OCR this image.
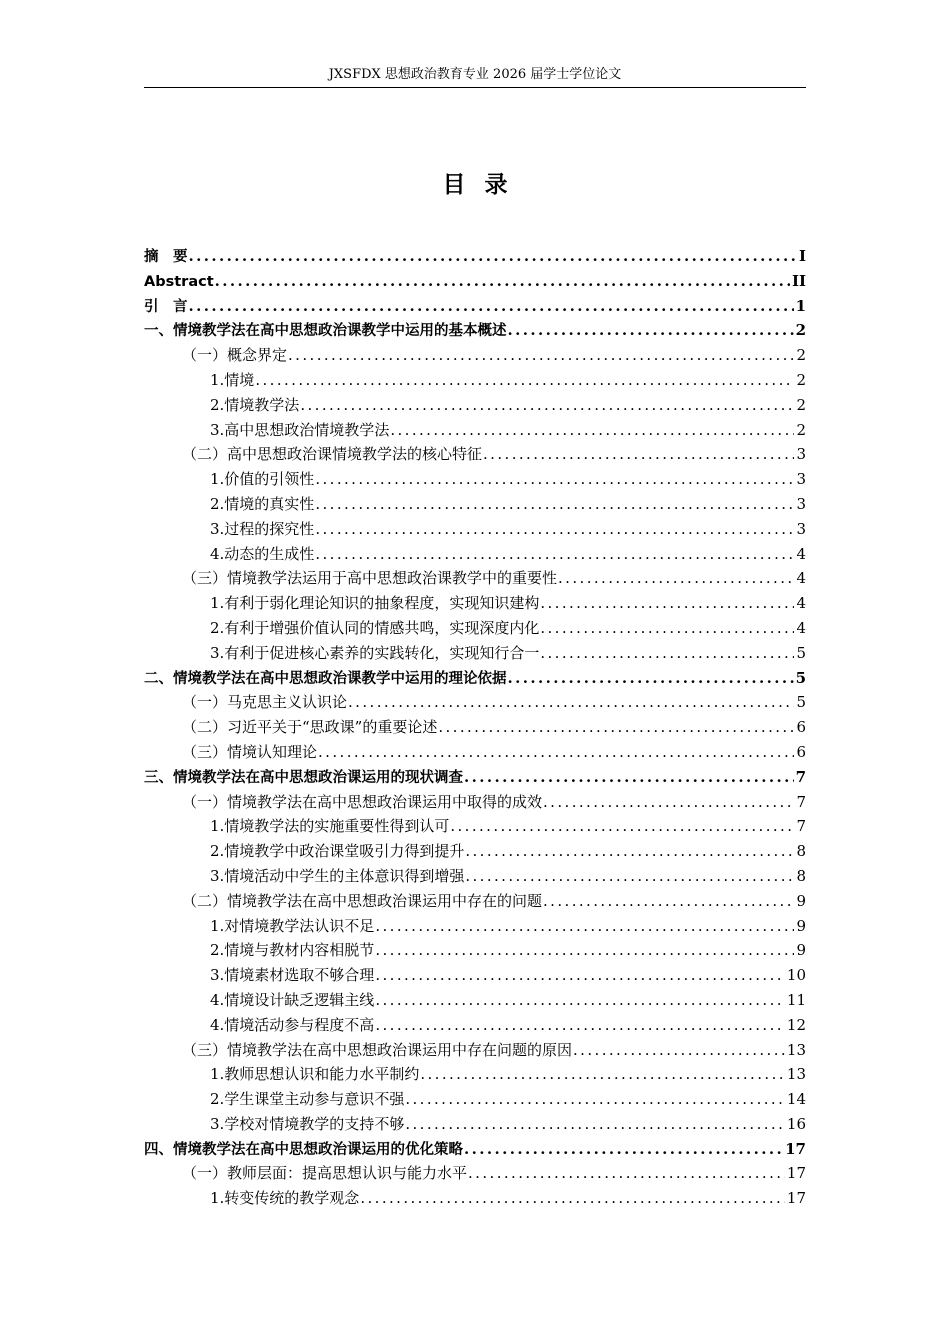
JXSFDX 思想政治教育专业 2026 届学士学位论文
目录
摘　要 .....	I
Abstract .....	II
引　言 .....	1
一、情境教学法在高中思想政治课教学中运用的基本概述 .....	2
（一）概念界定 .....	2
1.情境 .....	2
2.情境教学法 .....	2
3.高中思想政治情境教学法 .....	2
（二）高中思想政治课情境教学法的核心特征 .....	3
1.价值的引领性 .....	3
2.情境的真实性 .....	3
3.过程的探究性 .....	3
4.动态的生成性 .....	4
（三）情境教学法运用于高中思想政治课教学中的重要性 .....	4
1.有利于弱化理论知识的抽象程度，实现知识建构 .....	4
2.有利于增强价值认同的情感共鸣，实现深度内化 .....	4
3.有利于促进核心素养的实践转化，实现知行合一 .....	5
二、情境教学法在高中思想政治课教学中运用的理论依据 .....	5
（一）马克思主义认识论 .....	5
（二）习近平关于“思政课”的重要论述 .....	6
（三）情境认知理论 .....	6
三、情境教学法在高中思想政治课运用的现状调查 .....	7
（一）情境教学法在高中思想政治课运用中取得的成效 .....	7
1.情境教学法的实施重要性得到认可 .....	7
2.情境教学中政治课堂吸引力得到提升 .....	8
3.情境活动中学生的主体意识得到增强 .....	8
（二）情境教学法在高中思想政治课运用中存在的问题 .....	9
1.对情境教学法认识不足 .....	9
2.情境与教材内容相脱节 .....	9
3.情境素材选取不够合理 .....	10
4.情境设计缺乏逻辑主线 .....	11
4.情境活动参与程度不高 .....	12
（三）情境教学法在高中思想政治课运用中存在问题的原因 .....	13
1.教师思想认识和能力水平制约 .....	13
2.学生课堂主动参与意识不强 .....	14
3.学校对情境教学的支持不够 .....	16
四、情境教学法在高中思想政治课运用的优化策略 .....	17
（一）教师层面：提高思想认识与能力水平 .....	17
1.转变传统的教学观念 .....	17
